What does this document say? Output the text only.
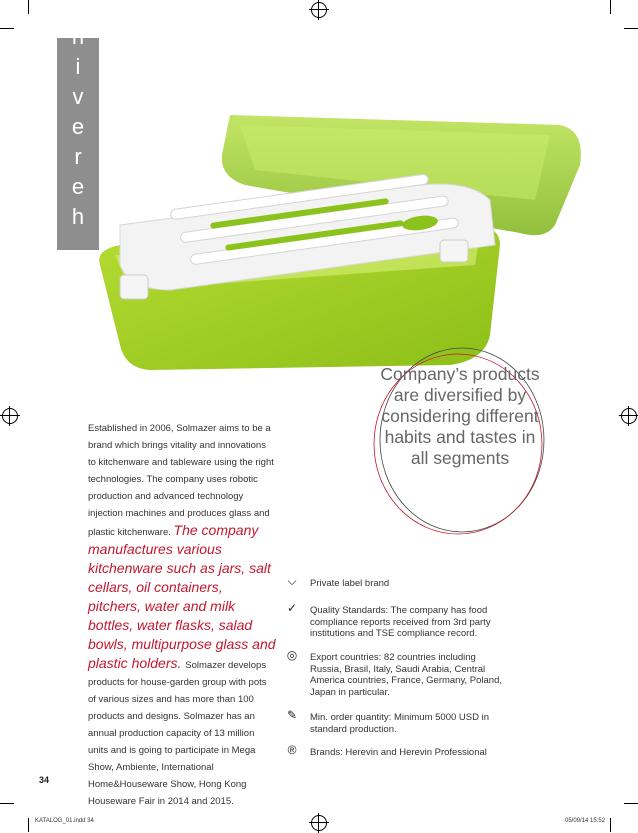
n
i
v
e
r
e
h
Company’s products are diversified by considering different habits and tastes in all segments
Established in 2006, Solmazer aims to be a brand which brings vitality and innovations to kitchenware and tableware using the right technologies. The company uses robotic production and advanced technology injection machines and produces glass and plastic kitchenware. The company manufactures various kitchenware such as jars, salt cellars, oil containers, pitchers, water and milk bottles, water flasks, salad bowls, multipurpose glass and plastic holders. Solmazer develops products for house-garden group with pots of various sizes and has more than 100 products and designs. Solmazer has an annual production capacity of 13 million units and is going to participate in Mega Show, Ambiente, International Home&Houseware Show, Hong Kong Houseware Fair in 2014 and 2015.
⌵ Private label brand
✓ Quality Standards: The company has food compliance reports received from 3rd party institutions and TSE compliance record.
◎ Export countries: 82 countries including Russia, Brasil, Italy, Saudi Arabia, Central America countries, France, Germany, Poland, Japan in particular.
✎ Min. order quantity: Minimum 5000 USD in standard production.
® Brands: Herevin and Herevin Professional
34
KATALOG_01.indd 34	05/09/14 15:52
